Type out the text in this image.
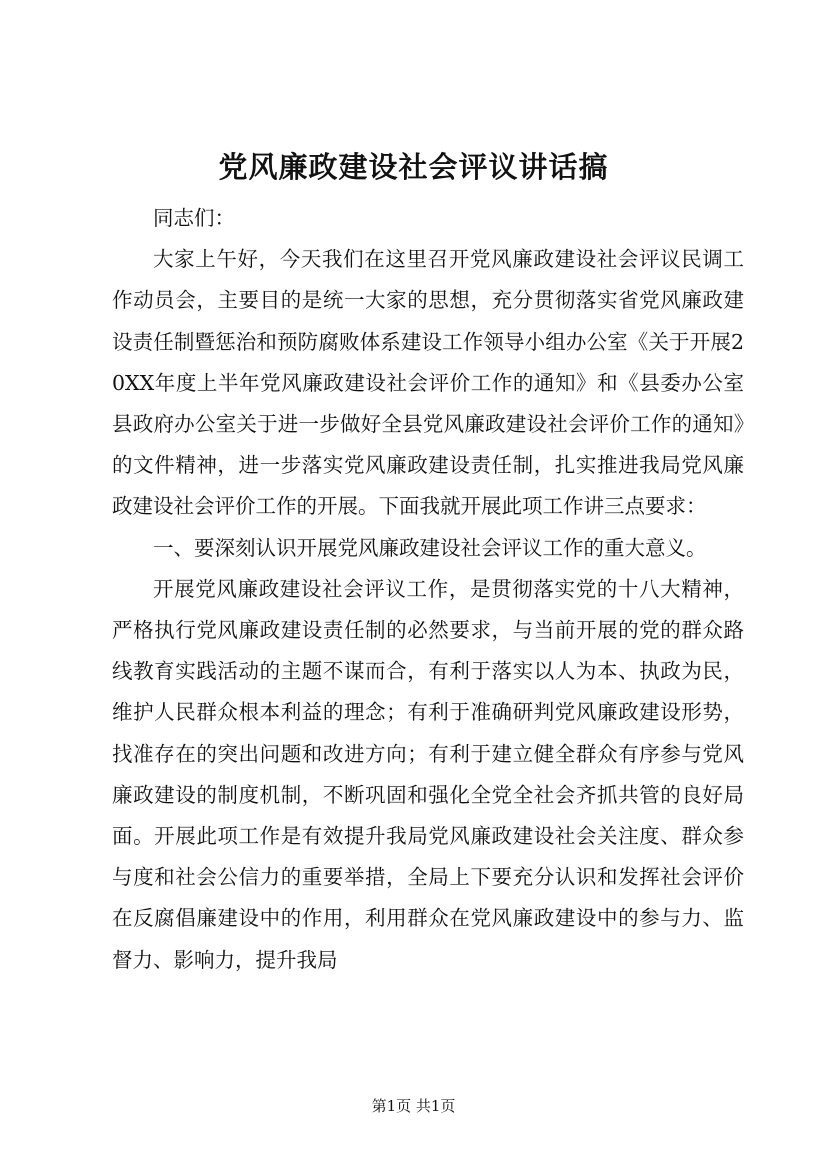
党风廉政建设社会评议讲话搞

同志们：

大家上午好，今天我们在这里召开党风廉政建设社会评议民调工作动员会，主要目的是统一大家的思想，充分贯彻落实省党风廉政建设责任制暨惩治和预防腐败体系建设工作领导小组办公室《关于开展20XX年度上半年党风廉政建设社会评价工作的通知》和《县委办公室县政府办公室关于进一步做好全县党风廉政建设社会评价工作的通知》的文件精神，进一步落实党风廉政建设责任制，扎实推进我局党风廉政建设社会评价工作的开展。下面我就开展此项工作讲三点要求：

一、要深刻认识开展党风廉政建设社会评议工作的重大意义。

开展党风廉政建设社会评议工作，是贯彻落实党的十八大精神，严格执行党风廉政建设责任制的必然要求，与当前开展的党的群众路线教育实践活动的主题不谋而合，有利于落实以人为本、执政为民，维护人民群众根本利益的理念；有利于准确研判党风廉政建设形势，找准存在的突出问题和改进方向；有利于建立健全群众有序参与党风廉政建设的制度机制，不断巩固和强化全党全社会齐抓共管的良好局面。开展此项工作是有效提升我局党风廉政建设社会关注度、群众参与度和社会公信力的重要举措，全局上下要充分认识和发挥社会评价在反腐倡廉建设中的作用，利用群众在党风廉政建设中的参与力、监督力、影响力，提升我局

第1页 共1页
